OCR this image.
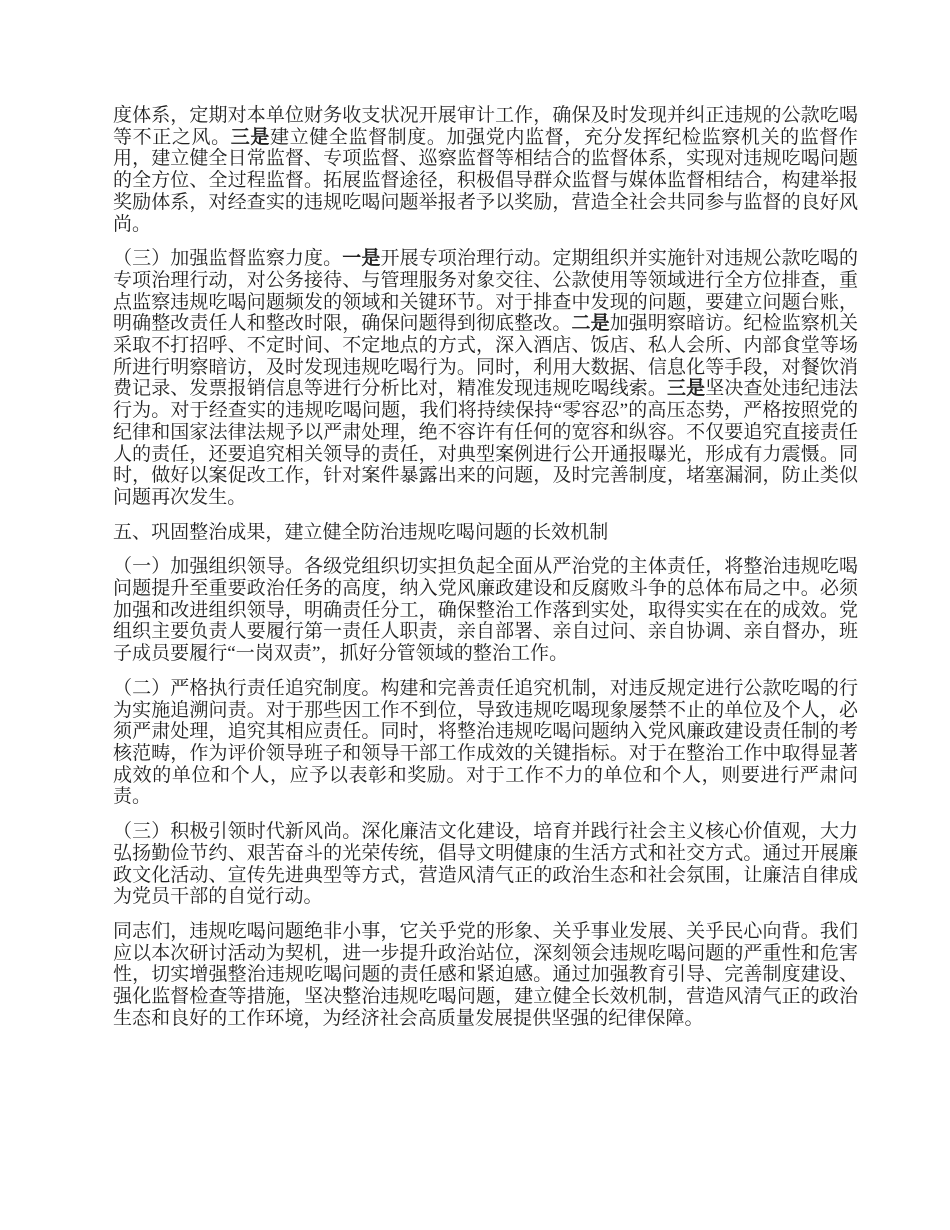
度体系，定期对本单位财务收支状况开展审计工作，确保及时发现并纠正违规的公款吃喝等不正之风。三是建立健全监督制度。加强党内监督，充分发挥纪检监察机关的监督作用，建立健全日常监督、专项监督、巡察监督等相结合的监督体系，实现对违规吃喝问题的全方位、全过程监督。拓展监督途径，积极倡导群众监督与媒体监督相结合，构建举报奖励体系，对经查实的违规吃喝问题举报者予以奖励，营造全社会共同参与监督的良好风尚。

（三）加强监督监察力度。一是开展专项治理行动。定期组织并实施针对违规公款吃喝的专项治理行动，对公务接待、与管理服务对象交往、公款使用等领域进行全方位排查，重点监察违规吃喝问题频发的领域和关键环节。对于排查中发现的问题，要建立问题台账，明确整改责任人和整改时限，确保问题得到彻底整改。二是加强明察暗访。纪检监察机关采取不打招呼、不定时间、不定地点的方式，深入酒店、饭店、私人会所、内部食堂等场所进行明察暗访，及时发现违规吃喝行为。同时，利用大数据、信息化等手段，对餐饮消费记录、发票报销信息等进行分析比对，精准发现违规吃喝线索。三是坚决查处违纪违法行为。对于经查实的违规吃喝问题，我们将持续保持“零容忍”的高压态势，严格按照党的纪律和国家法律法规予以严肃处理，绝不容许有任何的宽容和纵容。不仅要追究直接责任人的责任，还要追究相关领导的责任，对典型案例进行公开通报曝光，形成有力震慑。同时，做好以案促改工作，针对案件暴露出来的问题，及时完善制度，堵塞漏洞，防止类似问题再次发生。

五、巩固整治成果，建立健全防治违规吃喝问题的长效机制

（一）加强组织领导。各级党组织切实担负起全面从严治党的主体责任，将整治违规吃喝问题提升至重要政治任务的高度，纳入党风廉政建设和反腐败斗争的总体布局之中。必须加强和改进组织领导，明确责任分工，确保整治工作落到实处，取得实实在在的成效。党组织主要负责人要履行第一责任人职责，亲自部署、亲自过问、亲自协调、亲自督办，班子成员要履行“一岗双责”，抓好分管领域的整治工作。

（二）严格执行责任追究制度。构建和完善责任追究机制，对违反规定进行公款吃喝的行为实施追溯问责。对于那些因工作不到位，导致违规吃喝现象屡禁不止的单位及个人，必须严肃处理，追究其相应责任。同时，将整治违规吃喝问题纳入党风廉政建设责任制的考核范畴，作为评价领导班子和领导干部工作成效的关键指标。对于在整治工作中取得显著成效的单位和个人，应予以表彰和奖励。对于工作不力的单位和个人，则要进行严肃问责。

（三）积极引领时代新风尚。深化廉洁文化建设，培育并践行社会主义核心价值观，大力弘扬勤俭节约、艰苦奋斗的光荣传统，倡导文明健康的生活方式和社交方式。通过开展廉政文化活动、宣传先进典型等方式，营造风清气正的政治生态和社会氛围，让廉洁自律成为党员干部的自觉行动。

同志们，违规吃喝问题绝非小事，它关乎党的形象、关乎事业发展、关乎民心向背。我们应以本次研讨活动为契机，进一步提升政治站位，深刻领会违规吃喝问题的严重性和危害性，切实增强整治违规吃喝问题的责任感和紧迫感。通过加强教育引导、完善制度建设、强化监督检查等措施，坚决整治违规吃喝问题，建立健全长效机制，营造风清气正的政治生态和良好的工作环境，为经济社会高质量发展提供坚强的纪律保障。
